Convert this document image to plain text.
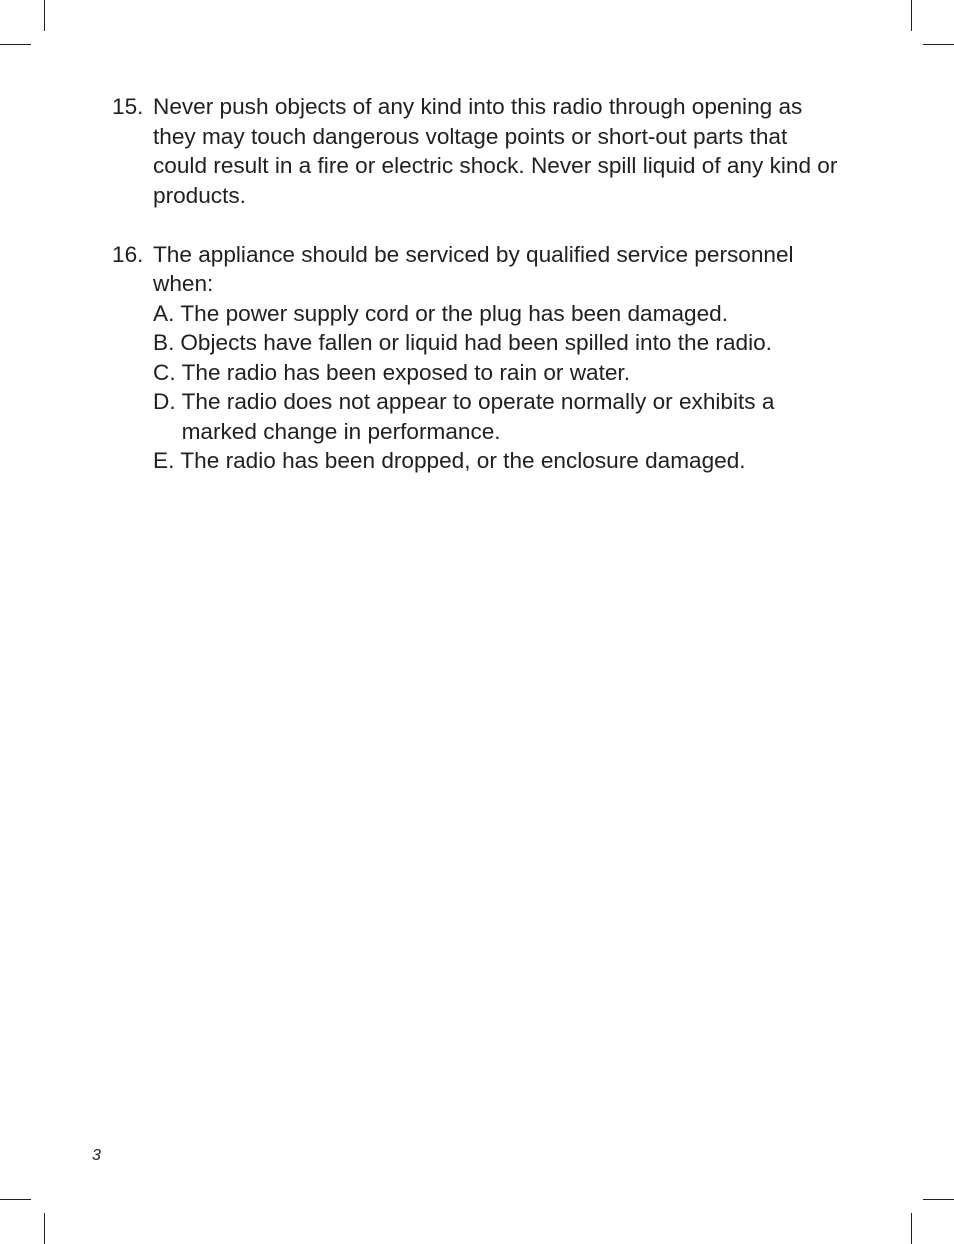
15. Never push objects of any kind into this radio through opening as they may touch dangerous voltage points or short-out parts that could result in a fire or electric shock. Never spill liquid of any kind or products.
16. The appliance should be serviced by qualified service personnel when:
A. The power supply cord or the plug has been damaged.
B. Objects have fallen or liquid had been spilled into the radio.
C. The radio has been exposed to rain or water.
D. The radio does not appear to operate normally or exhibits a marked change in performance.
E. The radio has been dropped, or the enclosure damaged.
3
